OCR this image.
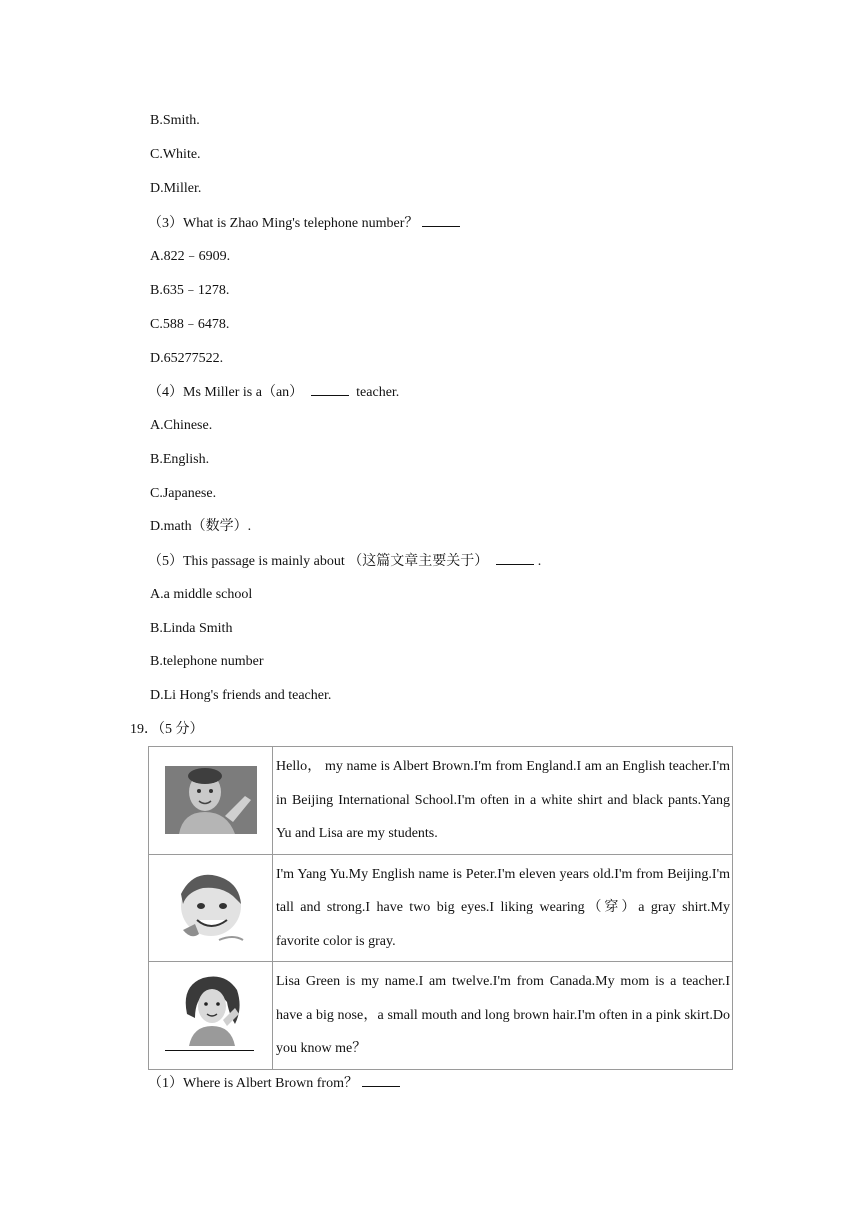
B.Smith.
C.White.
D.Miller.
（3）What is Zhao Ming's telephone number？
A.822﹣6909.
B.635﹣1278.
C.588﹣6478.
D.65277522.
（4）Ms Miller is a（an）	teacher.
A.Chinese.
B.English.
C.Japanese.
D.math（数学）.
（5）This passage is mainly about （这篇文章主要关于）	.
A.a middle school
B.Linda Smith
B.telephone number
D.Li Hong's friends and teacher.
19．（5 分）

Hello， my name is Albert Brown.I'm from England.I am an English teacher.I'm in Beijing International School.I'm often in a white shirt and black pants.Yang Yu and Lisa are my students.

I'm Yang Yu.My English name is Peter.I'm eleven years old.I'm from Beijing.I'm tall and strong.I have two big eyes.I liking wearing（穿）a gray shirt.My favorite color is gray.

Lisa Green is my name.I am twelve.I'm from Canada.My mom is a teacher.I have a big nose，a small mouth and long brown hair.I'm often in a pink skirt.Do you know me？
（1）Where is Albert Brown from？
